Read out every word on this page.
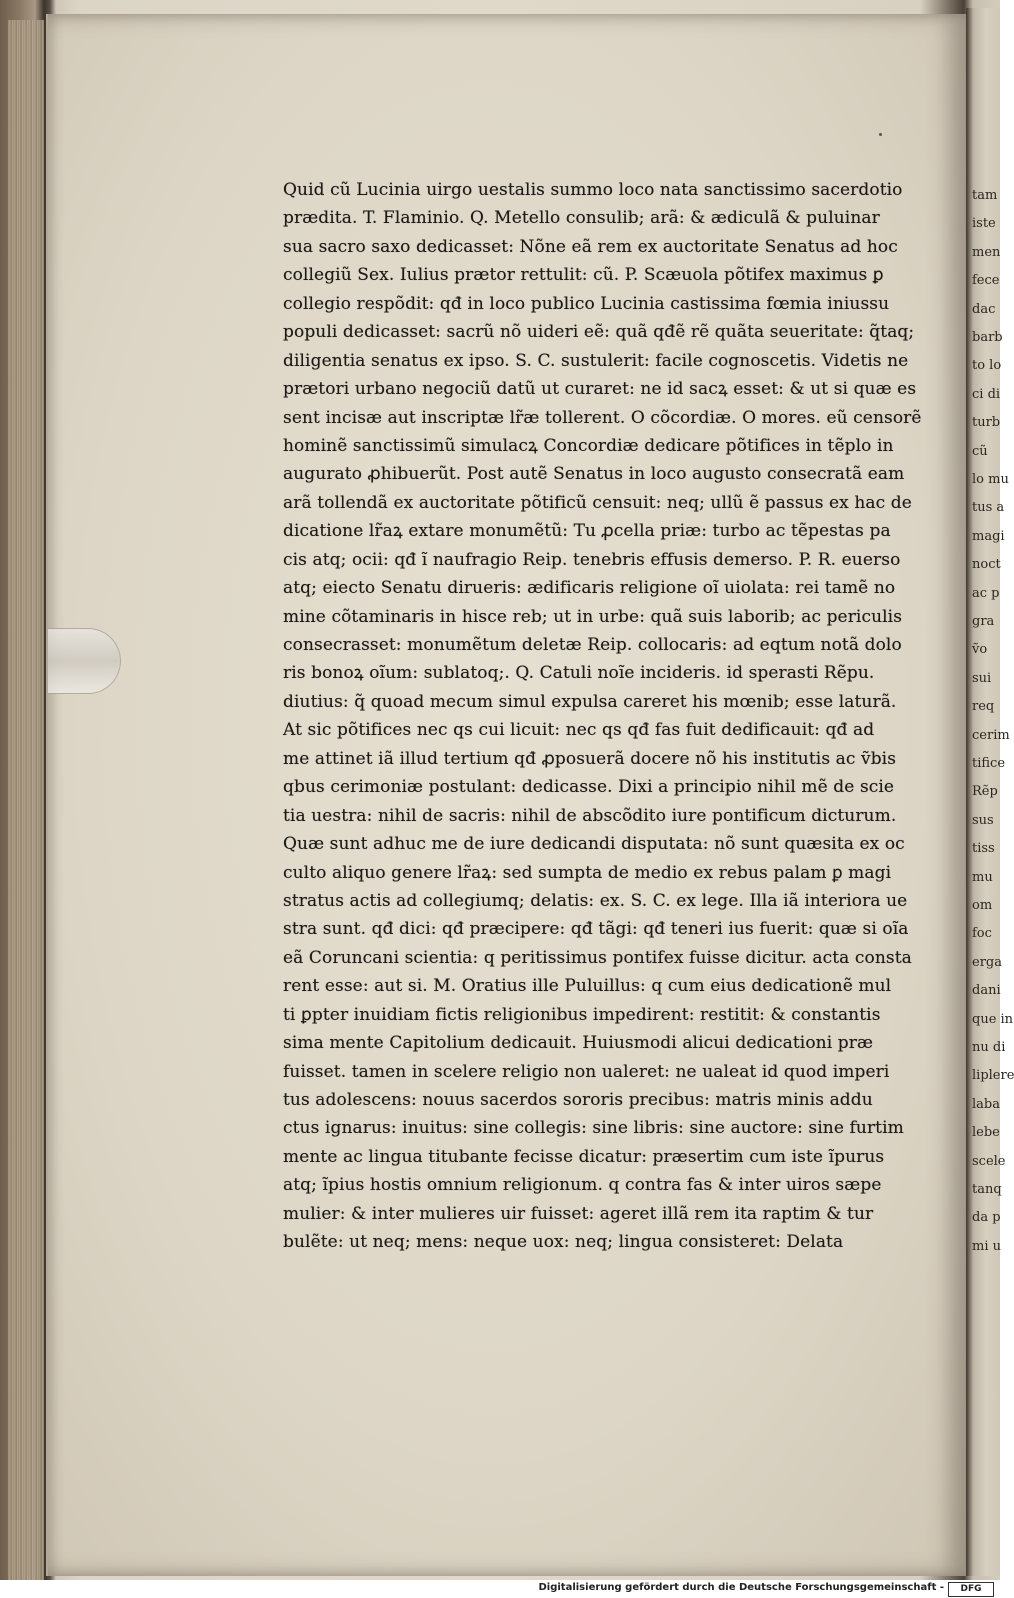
tam
iste
men
fece
dac
barb
to lo
ci di
turb
cũ
lo mu
tus a
magi
noct
ac p
gra
ṽo
sui
req
cerim
tifice
Rẽp
sus
tiss
mu
om
foc
erga
dani
que in
nu di
liplere
laba
lebe
scele
tanq
da p
mi u
Quid cũ Lucinia uirgo uestalis summo loco nata sanctissimo sacerdotio
prædita. T. Flaminio. Q. Metello consulib; arã: & ædiculã & puluinar
sua sacro saxo dedicasset: Nõne eã rem ex auctoritate Senatus ad hoc
collegiũ Sex. Iulius prætor rettulit: cũ. P. Scæuola põtifex maximus ꝑ
collegio respõdit: qđ in loco publico Lucinia castissima fœmia iniussu
populi dedicasset: sacrũ nõ uideri eẽ: quã qđẽ rẽ quãta seueritate: q̃taq;
diligentia senatus ex ipso. S. C. sustulerit: facile cognoscetis. Videtis ne
prætori urbano negociũ datũ ut curaret: ne id sacꝝ esset: & ut si quæ es
sent incisæ aut inscriptæ lr̃æ tollerent. O cõcordiæ. O mores. eũ censorẽ
hominẽ sanctissimũ simulacꝝ Concordiæ dedicare põtifices in tẽplo in
augurato ꝓhibuerũt. Post autẽ Senatus in loco augusto consecratã eam
arã tollendã ex auctoritate põtificũ censuit: neq; ullũ ẽ passus ex hac de
dicatione lr̃aꝝ extare monumẽtũ: Tu ꝓcella priæ: turbo ac tẽpestas pa
cis atq; ocii: qđ ĩ naufragio Reip. tenebris effusis demerso. P. R. euerso
atq; eiecto Senatu dirueris: ædificaris religione oĩ uiolata: rei tamẽ no
mine cõtaminaris in hisce reb; ut in urbe: quã suis laborib; ac periculis
consecrasset: monumẽtum deletæ Reip. collocaris: ad eqtum notã dolo
ris bonoꝝ oĩum: sublatoq;. Q. Catuli noĩe incideris. id sperasti Rẽpu.
diutius: q̃ quoad mecum simul expulsa careret his mœnib; esse laturã.
At sic põtifices nec qs cui licuit: nec qs qđ fas fuit dedificauit: qđ ad
me attinet iã illud tertium qđ ꝓposuerã docere nõ his institutis ac ṽbis
qbus cerimoniæ postulant: dedicasse. Dixi a principio nihil mẽ de scie
tia uestra: nihil de sacris: nihil de abscõdito iure pontificum dicturum.
Quæ sunt adhuc me de iure dedicandi disputata: nõ sunt quæsita ex oc
culto aliquo genere lr̃aꝝ: sed sumpta de medio ex rebus palam ꝑ magi
stratus actis ad collegiumq; delatis: ex. S. C. ex lege. Illa iã interiora ue
stra sunt. qđ dici: qđ præcipere: qđ tãgi: qđ teneri ius fuerit: quæ si oĩa
eã Coruncani scientia: q peritissimus pontifex fuisse dicitur. acta consta
rent esse: aut si. M. Oratius ille Puluillus: q cum eius dedicationẽ mul
ti ꝑpter inuidiam fictis religionibus impedirent: restitit: & constantis
sima mente Capitolium dedicauit. Huiusmodi alicui dedicationi præ
fuisset. tamen in scelere religio non ualeret: ne ualeat id quod imperi
tus adolescens: nouus sacerdos sororis precibus: matris minis addu
ctus ignarus: inuitus: sine collegis: sine libris: sine auctore: sine furtim
mente ac lingua titubante fecisse dicatur: præsertim cum iste ĩpurus
atq; ĩpius hostis omnium religionum. q contra fas & inter uiros sæpe
mulier: & inter mulieres uir fuisset: ageret illã rem ita raptim & tur
bulẽte: ut neq; mens: neque uox: neq; lingua consisteret: Delata
Digitalisierung gefördert durch die Deutsche Forschungsgemeinschaft -	DFG
